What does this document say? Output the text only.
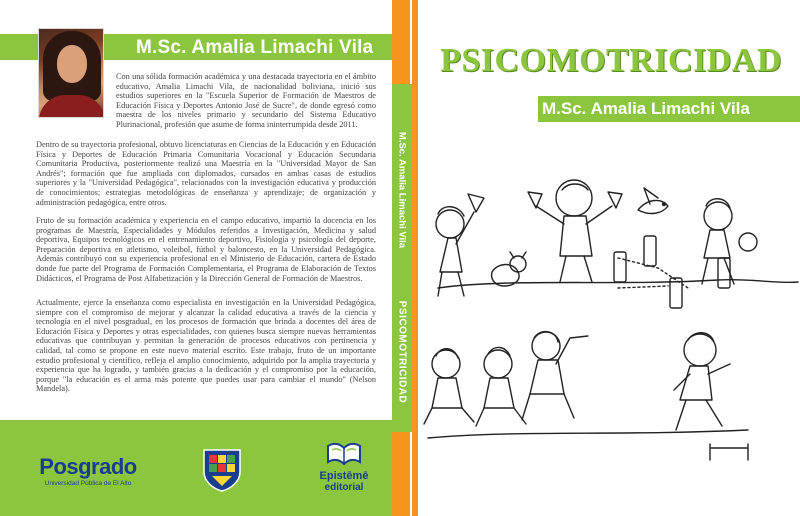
M.Sc. Amalia Limachi Vila

Con una sólida formación académica y una destacada trayectoria en el ámbito educativo, Amalia Limachi Vila, de nacionalidad boliviana, inició sus estudios superiores en la "Escuela Superior de Formación de Maestros de Educación Física y Deportes Antonio José de Sucre", de donde egresó como maestra de los niveles primario y secundario del Sistema Educativo Plurinacional, profesión que asume de forma ininterrumpida desde 2011.

Dentro de su trayectoria profesional, obtuvo licenciaturas en Ciencias de la Educación y en Educación Física y Deportes de Educación Primaria Comunitaria Vocacional y Educación Secundaria Comunitaria Productiva, posteriormente realizó una Maestría en la "Universidad Mayor de San Andrés"; formación que fue ampliada con diplomados, cursados en ambas casas de estudios superiores y la "Universidad Pedagógica", relacionados con la investigación educativa y producción de conocimientos; estrategias metodológicas de enseñanza y aprendizaje; de organización y administración pedagógica, entre otros.

Fruto de su formación académica y experiencia en el campo educativo, impartió la docencia en los programas de Maestría, Especialidades y Módulos referidos a Investigación, Medicina y salud deportiva, Equipos tecnológicos en el entrenamiento deportivo, Fisiología y psicología del deporte, Preparación deportiva en atletismo, voleibol, fútbol y baloncesto, en la Universidad Pedagógica. Además contribuyó con su experiencia profesional en el Ministerio de Educación, cartera de Estado donde fue parte del Programa de Formación Complementaria, el Programa de Elaboración de Textos Didácticos, el Programa de Post Alfabetización y la Dirección General de Formación de Maestros.

Actualmente, ejerce la enseñanza como especialista en investigación en la Universidad Pedagógica, siempre con el compromiso de mejorar y alcanzar la calidad educativa a través de la ciencia y tecnología en el nivel posgradual, en los procesos de formación que brinda a docentes del área de Educación Física y Deportes y otras especialidades, con quienes busca siempre nuevas herramientas educativas que contribuyan y permitan la generación de procesos educativos con pertinencia y calidad, tal como se propone en este nuevo material escrito. Este trabajo, fruto de un importante estudio profesional y científico, refleja el amplio conocimiento, adquirido por la amplia trayectoria y experiencia que ha logrado, y también gracias a la dedicación y el compromiso por la educación, porque "la educación es el arma más potente que puedes usar para cambiar el mundo" (Nelson Mandela).

Posgrado
Universidad Pública de El Alto
Epistēmē
editorial
M.Sc. Amalia Limachi Vila
PSICOMOTRICIDAD
PSICOMOTRICIDAD
M.Sc. Amalia Limachi Vila
